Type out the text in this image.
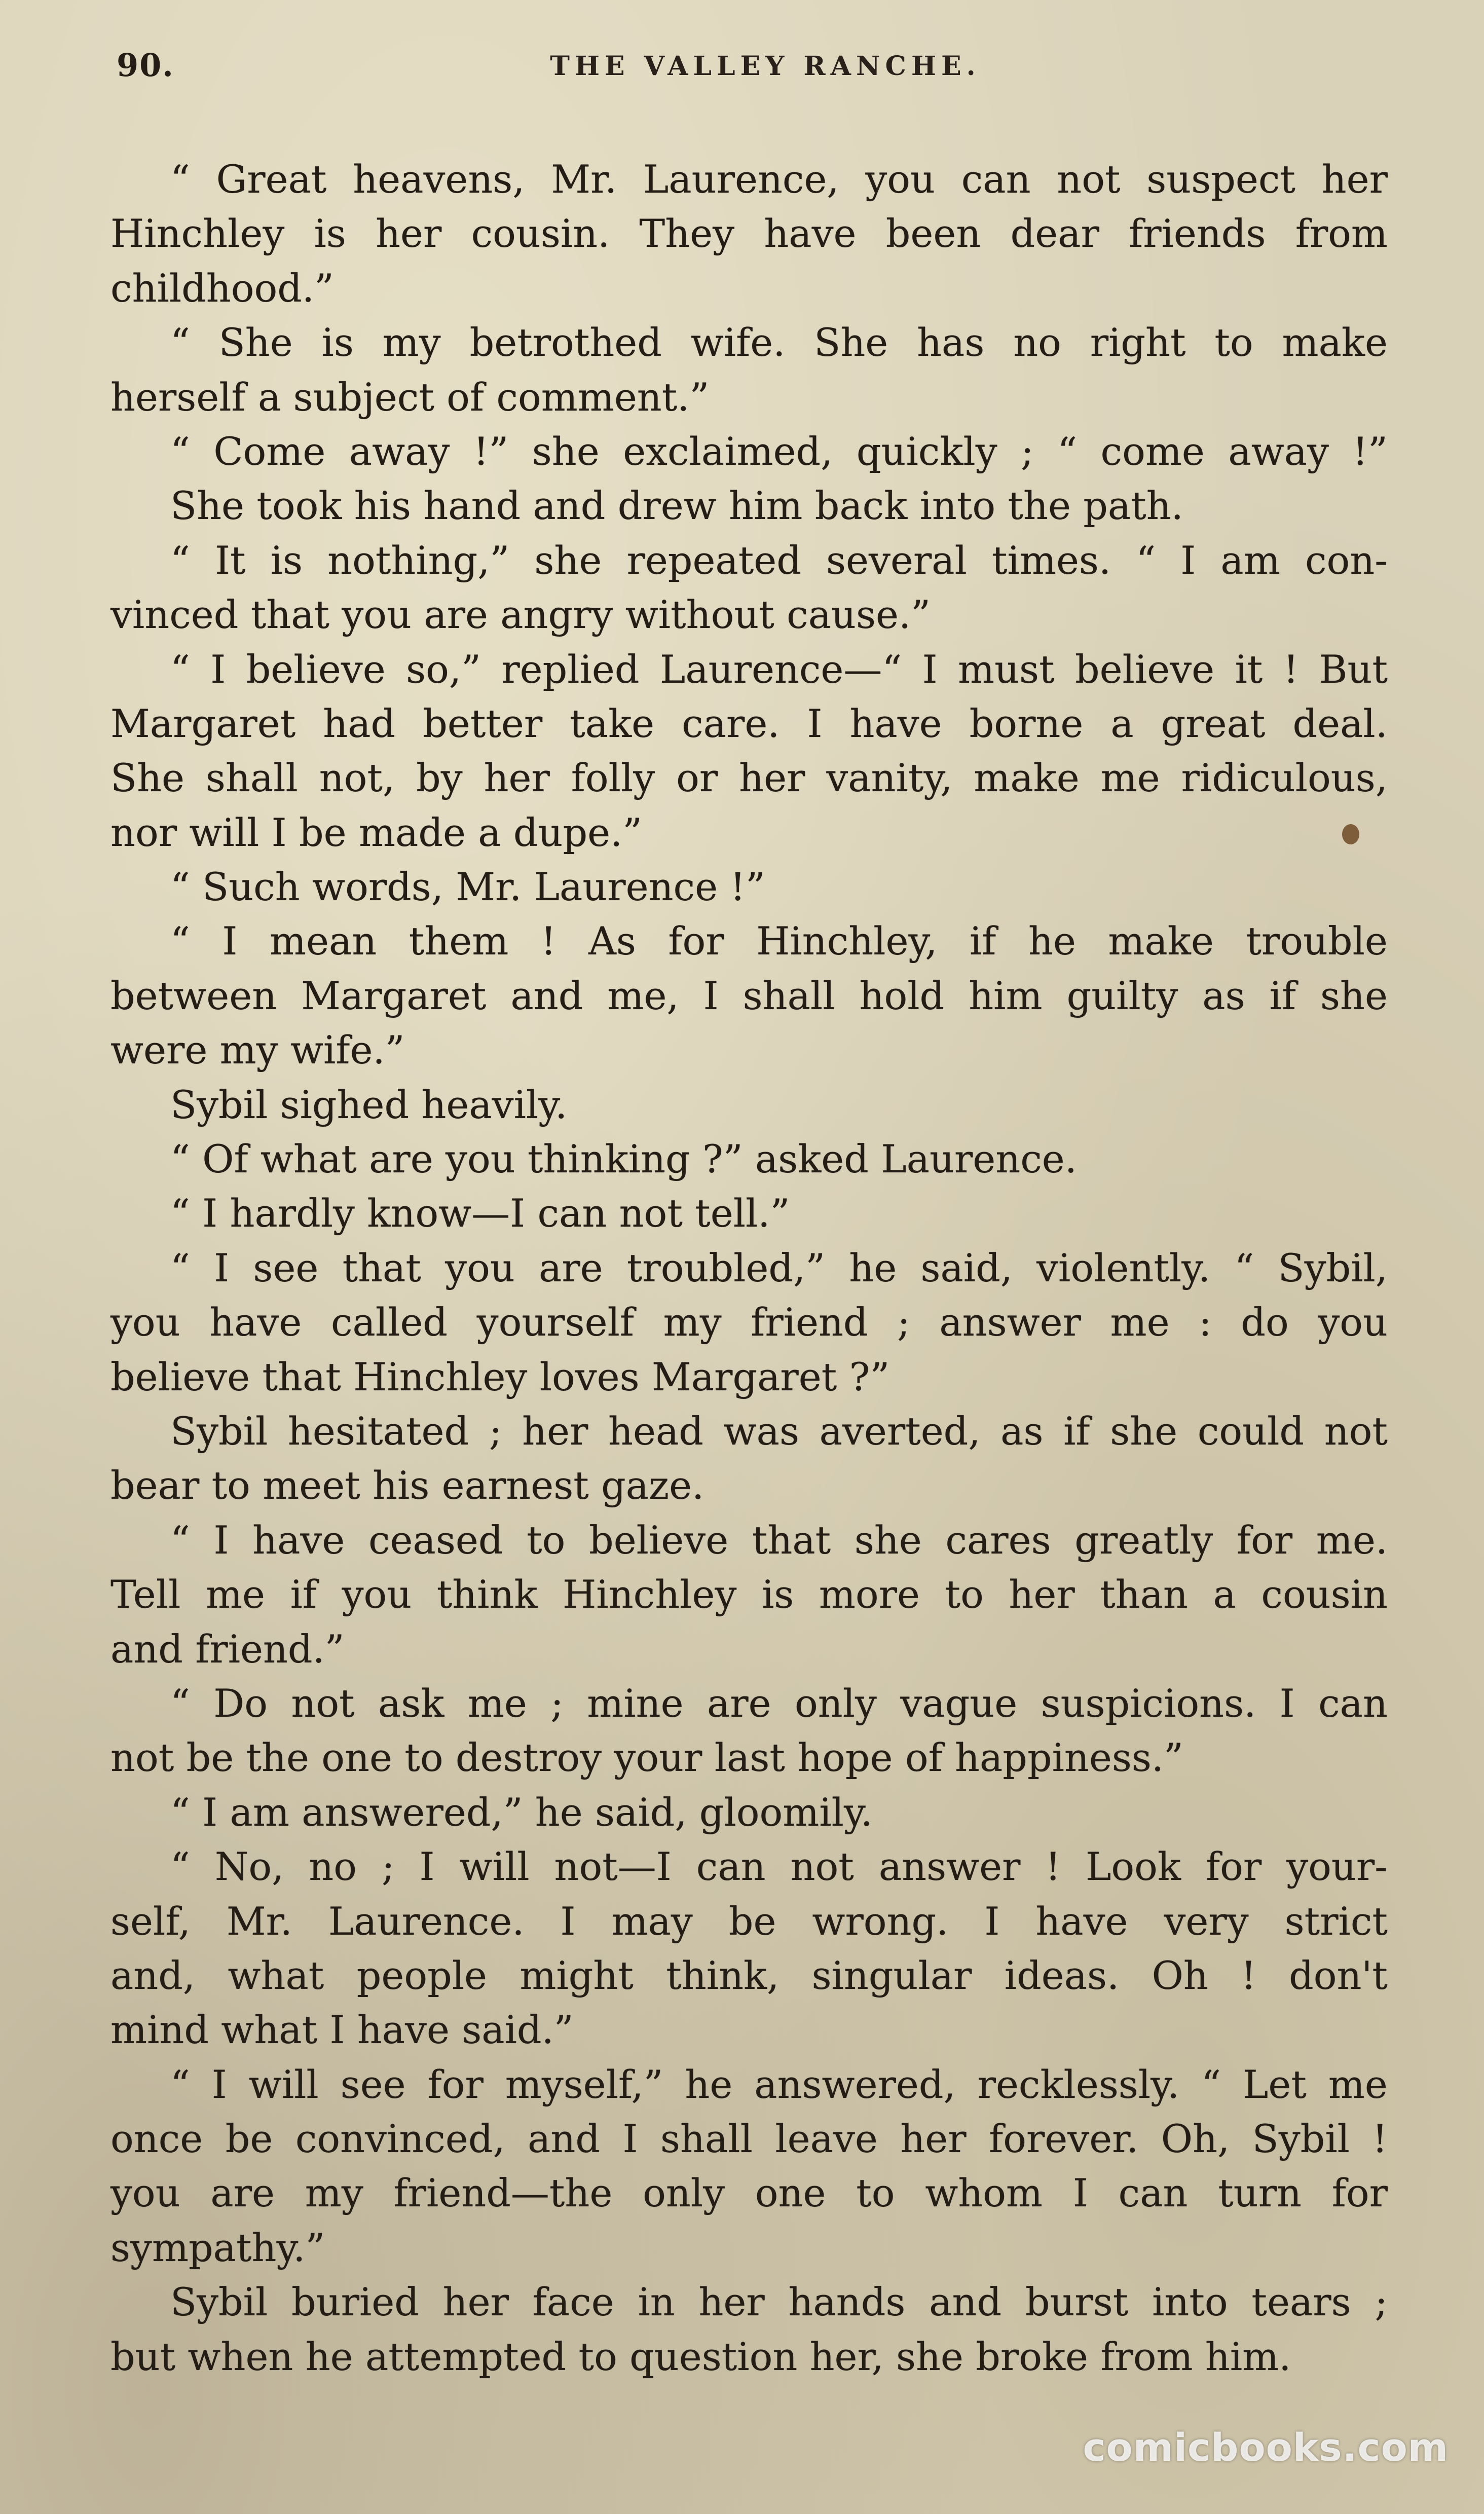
90.	THE VALLEY RANCHE.
“ Great heavens, Mr. Laurence, you can not suspect her
Hinchley is her cousin. They have been dear friends from
childhood.”
“ She is my betrothed wife. She has no right to make
herself a subject of comment.”
“ Come away !” she exclaimed, quickly ; “ come away !”
She took his hand and drew him back into the path.
“ It is nothing,” she repeated several times. “ I am con-
vinced that you are angry without cause.”
“ I believe so,” replied Laurence—“ I must believe it ! But
Margaret had better take care. I have borne a great deal.
She shall not, by her folly or her vanity, make me ridiculous,
nor will I be made a dupe.”
“ Such words, Mr. Laurence !”
“ I mean them ! As for Hinchley, if he make trouble
between Margaret and me, I shall hold him guilty as if she
were my wife.”
Sybil sighed heavily.
“ Of what are you thinking ?” asked Laurence.
“ I hardly know—I can not tell.”
“ I see that you are troubled,” he said, violently. “ Sybil,
you have called yourself my friend ; answer me : do you
believe that Hinchley loves Margaret ?”
Sybil hesitated ; her head was averted, as if she could not
bear to meet his earnest gaze.
“ I have ceased to believe that she cares greatly for me.
Tell me if you think Hinchley is more to her than a cousin
and friend.”
“ Do not ask me ; mine are only vague suspicions. I can
not be the one to destroy your last hope of happiness.”
“ I am answered,” he said, gloomily.
“ No, no ; I will not—I can not answer ! Look for your-
self, Mr. Laurence. I may be wrong. I have very strict
and, what people might think, singular ideas. Oh ! don't
mind what I have said.”
“ I will see for myself,” he answered, recklessly. “ Let me
once be convinced, and I shall leave her forever. Oh, Sybil !
you are my friend—the only one to whom I can turn for
sympathy.”
Sybil buried her face in her hands and burst into tears ;
but when he attempted to question her, she broke from him.
comicbooks.com
